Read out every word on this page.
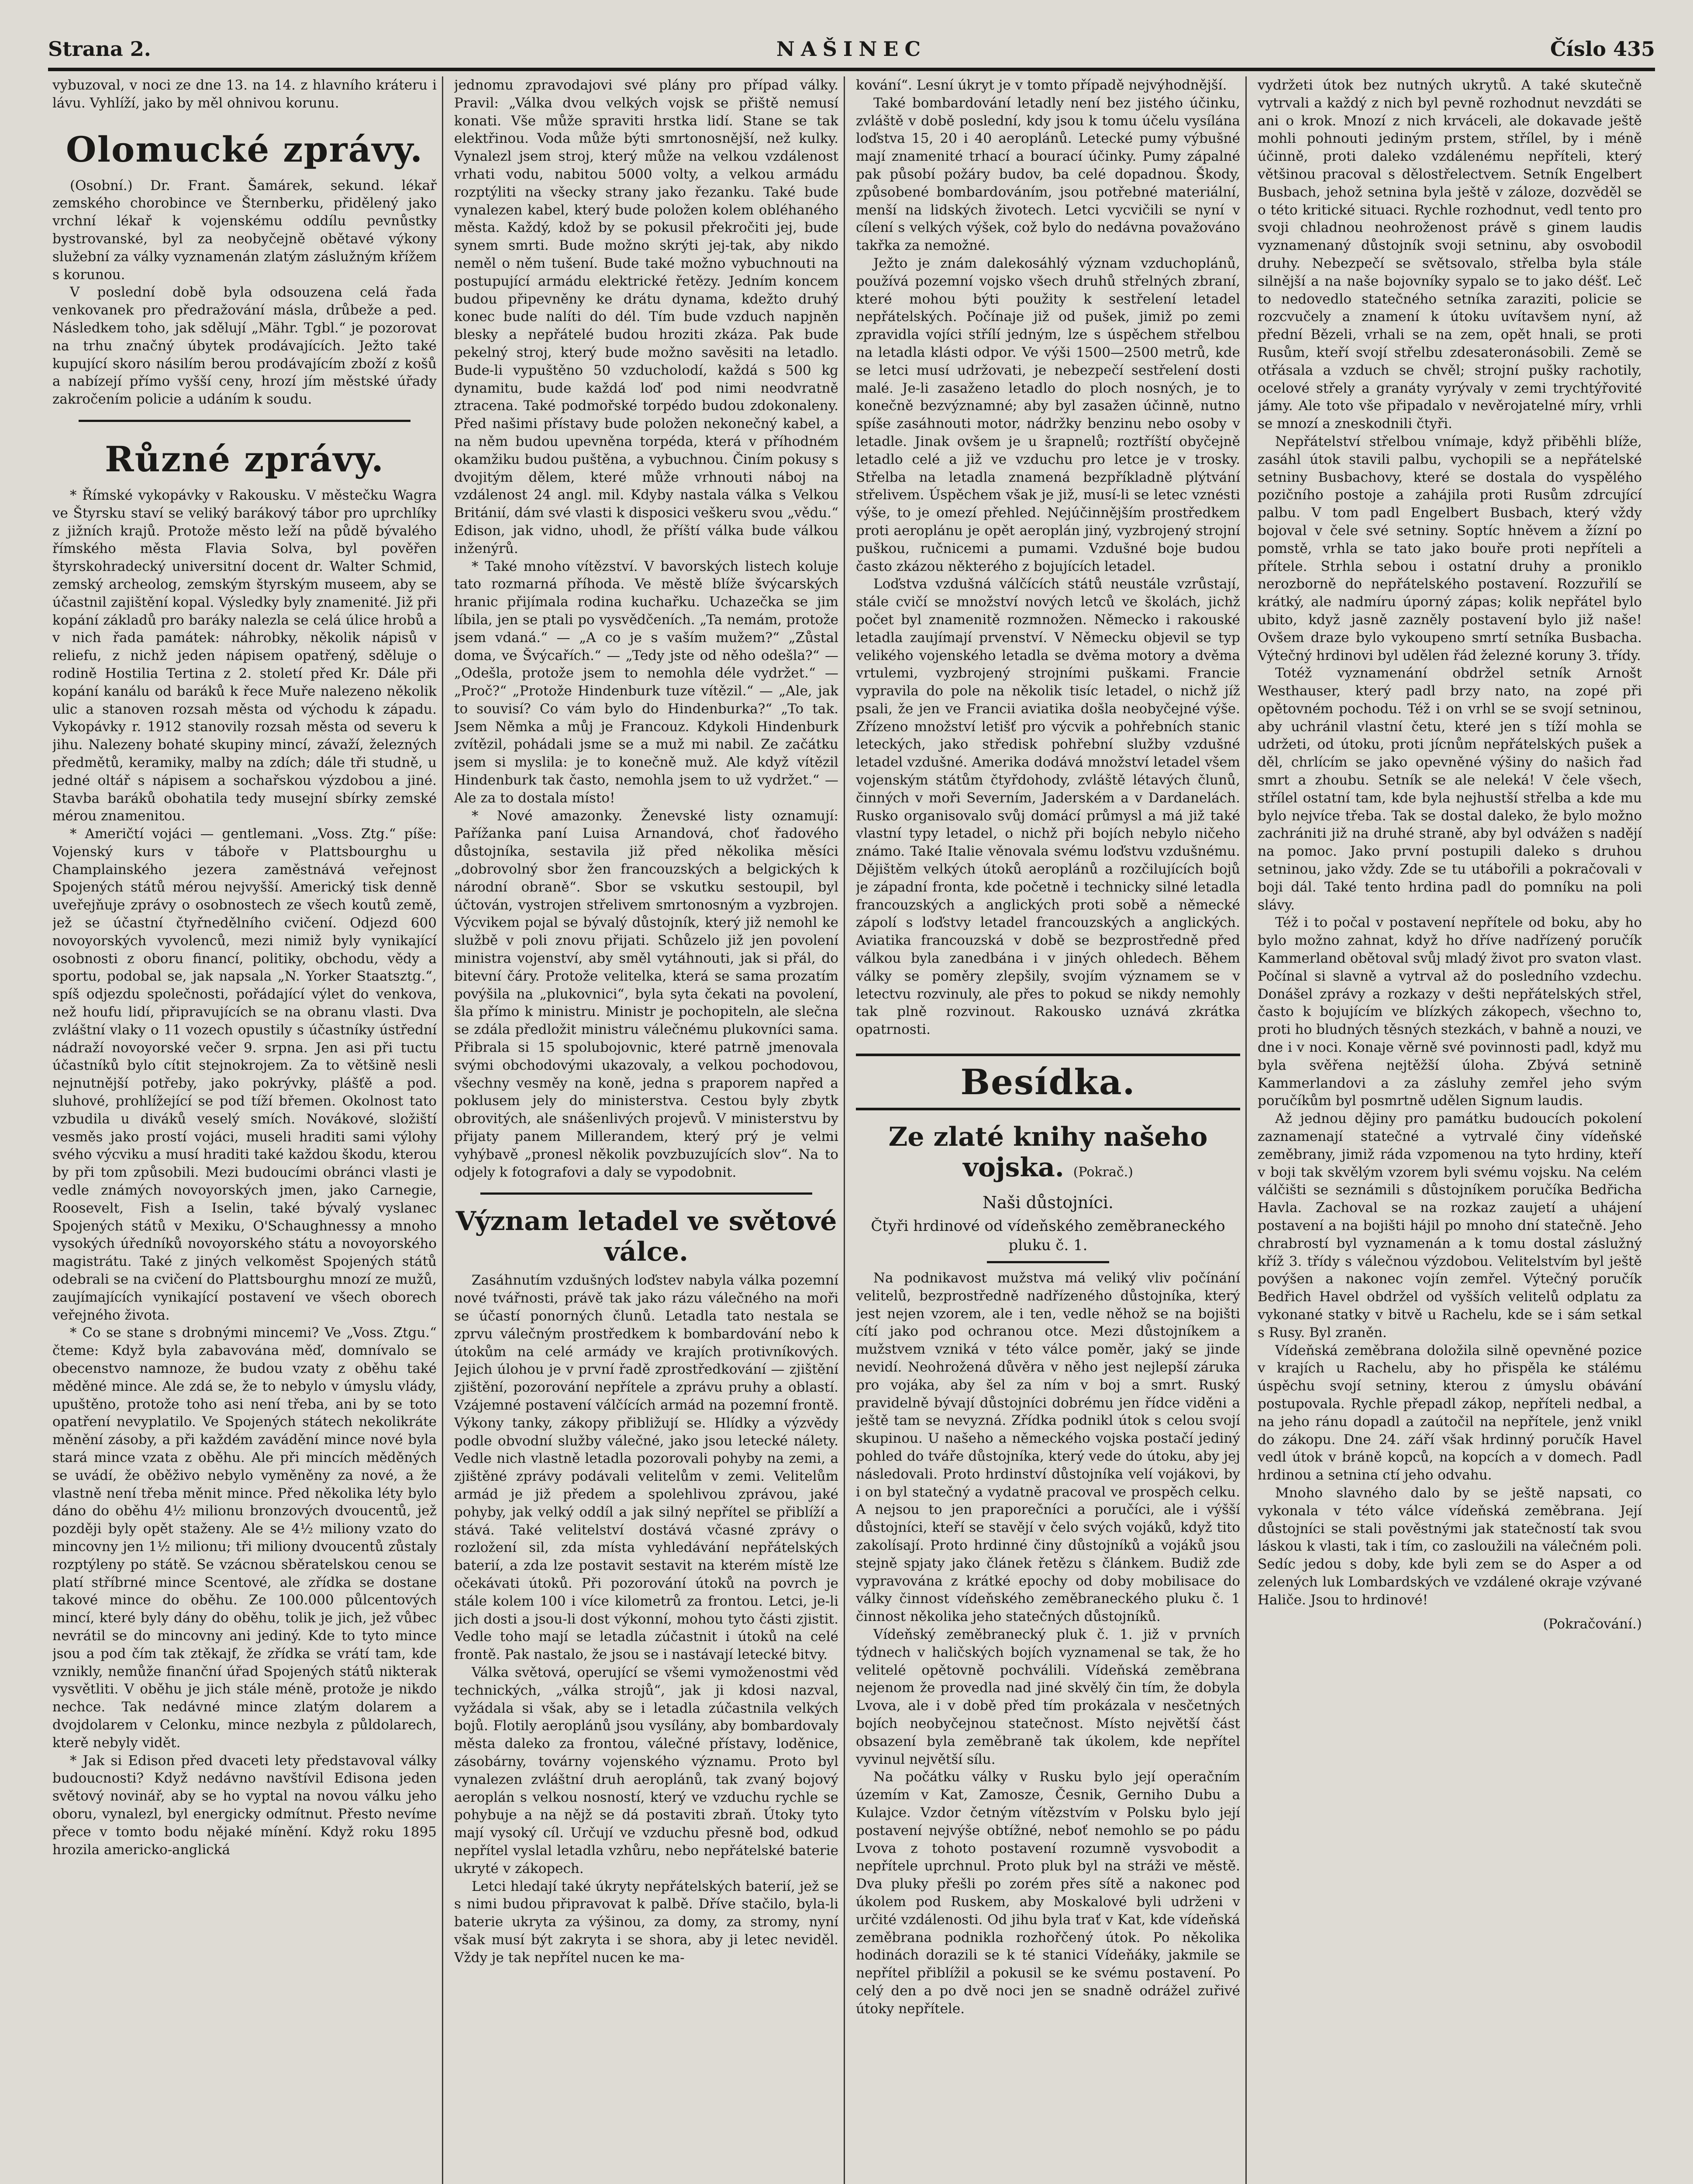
Strana 2.	NAŠINEC	Číslo 435

vybuzoval, v noci ze dne 13. na 14. z hlavního kráteru i lávu. Vyhlíží, jako by měl ohnivou korunu.

Olomucké zprávy.

(Osobní.) Dr. Frant. Šamárek, sekund. lékař zemského chorobince ve Šternberku, přidělený jako vrchní lékař k vojenskému oddílu pevnůstky bystrovanské, byl za neobyčejně obětavé výkony služební za války vyznamenán zlatým záslužným křížem s korunou.

V poslední době byla odsouzena celá řada venkovanek pro předražování másla, drůbeže a ped. Následkem toho, jak sdělují „Mähr. Tgbl.“ je pozorovat na trhu značný úbytek prodávajících. Ježto také kupující skoro násilím berou prodávajícím zboží z košů a nabízejí přímo vyšší ceny, hrozí jím městské úřady zakročením policie a udáním k soudu.

Různé zprávy.

* Římské vykopávky v Rakousku. V městečku Wagra ve Štyrsku staví se veliký barákový tábor pro uprchlíky z jižních krajů. Protože město leží na půdě bývalého římského města Flavia Solva, byl pověřen štyrskohradecký universitní docent dr. Walter Schmid, zemský archeolog, zemským štyrským museem, aby se účastnil zajištění kopal. Výsledky byly znamenité. Již při kopání základů pro baráky nalezla se celá úlice hrobů a v nich řada památek: náhrobky, několik nápisů v reliefu, z nichž jeden nápisem opatřený, sděluje o rodině Hostilia Tertina z 2. století před Kr. Dále při kopání kanálu od baráků k řece Muře nalezeno několik ulic a stanoven rozsah města od východu k západu. Vykopávky r. 1912 stanovily rozsah města od severu k jihu. Nalezeny bohaté skupiny mincí, závaží, železných předmětů, keramiky, malby na zdích; dále tři studně, u jedné oltář s nápisem a sochařskou výzdobou a jiné. Stavba baráků obohatila tedy musejní sbírky zemské mérou znamenitou.

* Američtí vojáci — gentlemani. „Voss. Ztg.“ píše: Vojenský kurs v táboře v Plattsbourghu u Champlainského jezera zaměstnává veřejnost Spojených států mérou nejvyšší. Americký tisk denně uveřejňuje zprávy o osobnostech ze všech koutů země, jež se účastní čtyřnedělního cvičení. Odjezd 600 novoyorských vyvolenců, mezi nimiž byly vynikající osobnosti z oboru financí, politiky, obchodu, vědy a sportu, podobal se, jak napsala „N. Yorker Staatsztg.“, spíš odjezdu společnosti, pořádající výlet do venkova, než houfu lidí, připravujících se na obranu vlasti. Dva zvláštní vlaky o 11 vozech opustily s účastníky ústřední nádraží novoyorské večer 9. srpna. Jen asi při tuctu účastníků bylo cítit stejnokrojem. Za to většině nesli nejnutnější potřeby, jako pokrývky, plášťě a pod. sluhové, prohlížející se pod tíží břemen. Okolnost tato vzbudila u diváků veselý smích. Novákové, složiští vesměs jako prostí vojáci, museli hraditi sami výlohy svého výcviku a musí hraditi také každou škodu, kterou by při tom způsobili. Mezi budoucími obránci vlasti je vedle známých novoyorských jmen, jako Carnegie, Roosevelt, Fish a Iselin, také bývalý vyslanec Spojených států v Mexiku, O'Schaughnessy a mnoho vysokých úředníků novoyorského státu a novoyorského magistrátu. Také z jiných velkoměst Spojených států odebrali se na cvičení do Plattsbourghu mnozí ze mužů, zaujímajících vynikající postavení ve všech oborech veřejného života.

* Co se stane s drobnými mincemi? Ve „Voss. Ztgu.“ čteme: Když byla zabavována měď, domnívalo se obecenstvo namnoze, že budou vzaty z oběhu také měděné mince. Ale zdá se, že to nebylo v úmyslu vlády, upuštěno, protože toho asi není třeba, ani by se toto opatření nevyplatilo. Ve Spojených státech nekolikráte měnění zásoby, a při každém zavádění mince nové byla stará mince vzata z oběhu. Ale při mincích měděných se uvádí, že oběživo nebylo vyměněny za nové, a že vlastně není třeba měnit mince. Před několika léty bylo dáno do oběhu 4½ milionu bronzových dvoucentů, jež později byly opět staženy. Ale se 4½ miliony vzato do mincovny jen 1½ milionu; tři miliony dvoucentů zůstaly rozptýleny po státě. Se vzácnou sběratelskou cenou se platí stříbrné mince Scentové, ale zřídka se dostane takové mince do oběhu. Ze 100.000 půlcentových mincí, které byly dány do oběhu, tolik je jich, jež vůbec nevrátil se do mincovny ani jediný. Kde to tyto mince jsou a pod čím tak ztěkajf, že zřídka se vrátí tam, kde vznikly, nemůže finanční úřad Spojených států nikterak vysvětliti. V oběhu je jich stále méně, protože je nikdo nechce. Tak nedávné mince zlatým dolarem a dvojdolarem v Celonku, mince nezbyla z půldolarech, kterě nebyly vidět.

* Jak si Edison před dvaceti lety představoval války budoucnosti? Když nedávno navštívil Edisona jeden světový novinář, aby se ho vyptal na novou válku jeho oboru, vynalezl, byl energicky odmítnut. Přesto nevíme přece v tomto bodu nějaké mínění. Když roku 1895 hrozila americko-anglická

jednomu zpravodajovi své plány pro případ války. Pravil: „Válka dvou velkých vojsk se přiště nemusí konati. Vše může spraviti hrstka lidí. Stane se tak elektřinou. Voda může býti smrtonosnější, než kulky. Vynalezl jsem stroj, který může na velkou vzdálenost vrhati vodu, nabitou 5000 volty, a velkou armádu rozptýliti na všecky strany jako řezanku. Také bude vynalezen kabel, který bude položen kolem obléhaného města. Každý, kdož by se pokusil překročiti jej, bude synem smrti. Bude možno skrýti jej-tak, aby nikdo neměl o něm tušení. Bude také možno vybuchnouti na postupující armádu elektrické řetězy. Jedním koncem budou připevněny ke drátu dynama, kdežto druhý konec bude nalíti do dél. Tím bude vzduch napjněn blesky a nepřátelé budou hroziti zkáza. Pak bude pekelný stroj, který bude možno savěsiti na letadlo. Bude-li vypuštěno 50 vzducholodí, každá s 500 kg dynamitu, bude každá loď pod nimi neodvratně ztracena. Také podmořské torpédo budou zdokonaleny. Před našimi přístavy bude položen nekonečný kabel, a na něm budou upevněna torpéda, která v příhodném okamžiku budou puštěna, a vybuchnou. Činím pokusy s dvojitým dělem, které může vrhnouti náboj na vzdálenost 24 angl. mil. Kdyby nastala válka s Velkou Británií, dám své vlasti k disposici veškeru svou „vědu.“ Edison, jak vidno, uhodl, že příští válka bude válkou inženýrů.

* Také mnoho vítězství. V bavorských listech koluje tato rozmarná příhoda. Ve městě blíže švýcarských hranic přijímala rodina kuchařku. Uchazečka se jim líbila, jen se ptali po vysvědčeních. „Ta nemám, protože jsem vdaná.“ — „A co je s vaším mužem?“ „Zůstal doma, ve Švýcařích.“ — „Tedy jste od něho odešla?“ — „Odešla, protože jsem to nemohla déle vydržet.“ — „Proč?“ „Protože Hindenburk tuze vítězil.“ — „Ale, jak to souvisí? Co vám bylo do Hindenburka?“ „To tak. Jsem Němka a můj je Francouz. Kdykoli Hindenburk zvítězil, pohádali jsme se a muž mi nabil. Ze začátku jsem si myslila: je to konečně muž. Ale když vítězil Hindenburk tak často, nemohla jsem to už vydržet.“ — Ale za to dostala místo!

* Nové amazonky. Ženevské listy oznamují: Pařížanka paní Luisa Arnandová, choť řadového důstojníka, sestavila již před několika měsíci „dobrovolný sbor žen francouzských a belgických k národní obraně“. Sbor se vskutku sestoupil, byl účtován, vystrojen střelivem smrtonosným a vyzbrojen. Výcvikem pojal se bývalý důstojník, který již nemohl ke službě v poli znovu přijati. Schůzelo již jen povolení ministra vojenství, aby směl vytáhnouti, jak si přál, do bitevní čáry. Protože velitelka, která se sama prozatím povýšila na „plukovnici“, byla syta čekati na povolení, šla přímo k ministru. Ministr je pochopiteln, ale slečna se zdála předložit ministru válečnému plukovníci sama. Přibrala si 15 spolubojovnic, které patrně jmenovala svými obchodovými ukazovaly, a velkou pochodovou, všechny vesměy na koně, jedna s praporem napřed a poklusem jely do ministerstva. Cestou byly zbytk obrovitých, ale snášenlivých projevů. V ministerstvu by přijaty panem Millerandem, který prý je velmi vyhýbavě „pronesl několik povzbuzujících slov“. Na to odjely k fotografovi a daly se vypodobnit.

Význam letadel ve světové válce.

Zasáhnutím vzdušných loďstev nabyla válka pozemní nové tvářnosti, právě tak jako rázu válečného na moři se účastí ponorných člunů. Letadla tato nestala se zprvu válečným prostředkem k bombardování nebo k útokům na celé armády ve krajích protivníkových. Jejich úlohou je v první řadě zprostředkování — zjištění zjištění, pozorování nepřítele a zprávu pruhy a oblastí. Vzájemné postavení válčících armád na pozemní frontě. Výkony tanky, zákopy přibližují se. Hlídky a výzvědy podle obvodní služby válečné, jako jsou letecké nálety. Vedle nich vlastně letadla pozorovali pohyby na zemi, a zjištěné zprávy podávali velitelům v zemi. Velitelům armád je již předem a spolehlivou zprávou, jaké pohyby, jak velký oddíl a jak silný nepřítel se přiblíží a stává. Také velitelství dostává včasné zprávy o rozložení sil, zda místa vyhledávání nepřátelských baterií, a zda lze postavit sestavit na kterém místě lze očekávati útoků. Při pozorování útoků na povrch je stále kolem 100 i více kilometrů za frontou. Letci, je-li jich dosti a jsou-li dost výkonní, mohou tyto části zjistit. Vedle toho mají se letadla zúčastnit i útoků na celé frontě. Pak nastalo, že jsou se i nastávají letecké bitvy.

Válka světová, operující se všemi vymoženostmi věd technických, „válka strojů“, jak ji kdosi nazval, vyžádala si však, aby se i letadla zúčastnila velkých bojů. Flotily aeroplánů jsou vysílány, aby bombardovaly města daleko za frontou, válečné přístavy, loděnice, zásobárny, továrny vojenského významu. Proto byl vynalezen zvláštní druh aeroplánů, tak zvaný bojový aeroplán s velkou nosností, který ve vzduchu rychle se pohybuje a na nějž se dá postaviti zbraň. Útoky tyto mají vysoký cíl. Určují ve vzduchu přesně bod, odkud nepřítel vyslal letadla vzhůru, nebo nepřátelské baterie ukryté v zákopech.

Letci hledají také úkryty nepřátelských baterií, jež se s nimi budou připravovat k palbě. Dříve stačilo, byla-li baterie ukryta za výšinou, za domy, za stromy, nyní však musí být zakryta i se shora, aby ji letec neviděl. Vždy je tak nepřítel nucen ke ma-

kování“. Lesní úkryt je v tomto případě nejvýhodnější.

Také bombardování letadly není bez jistého účinku, zvláště v době poslední, kdy jsou k tomu účelu vysílána loďstva 15, 20 i 40 aeroplánů. Letecké pumy výbušné mají znamenité trhací a bourací účinky. Pumy zápalné pak působí požáry budov, ba celé dopadnou. Škody, způsobené bombardováním, jsou potřebné materiální, menší na lidských životech. Letci vycvičili se nyní v cílení s velkých výšek, což bylo do nedávna považováno takřka za nemožné.

Ježto je znám dalekosáhlý význam vzduchoplánů, používá pozemní vojsko všech druhů střelných zbraní, které mohou býti použity k sestřelení letadel nepřátelských. Počínaje již od pušek, jimiž po zemi zpravidla vojíci střílí jedným, lze s úspěchem střelbou na letadla klásti odpor. Ve výši 1500—2500 metrů, kde se letci musí udržovati, je nebezpečí sestřelení dosti malé. Je-li zasaženo letadlo do ploch nosných, je to konečně bezvýznamné; aby byl zasažen účinně, nutno spíše zasáhnouti motor, nádržky benzinu nebo osoby v letadle. Jinak ovšem je u šrapnelů; roztříští obyčejně letadlo celé a již ve vzduchu pro letce je v trosky. Střelba na letadla znamená bezpříkladně plýtvání střelivem. Úspěchem však je již, musí-li se letec vznésti výše, to je omezí přehled. Nejúčinnějším prostředkem proti aeroplánu je opět aeroplán jiný, vyzbrojený strojní puškou, ručnicemi a pumami. Vzdušné boje budou často zkázou některého z bojujících letadel.

Loďstva vzdušná válčících států neustále vzrůstají, stále cvičí se množství nových letců ve školách, jichž počet byl znamenitě rozmnožen. Německo i rakouské letadla zaujímají prvenství. V Německu objevil se typ velikého vojenského letadla se dvěma motory a dvěma vrtulemi, vyzbrojený strojními puškami. Francie vypravila do pole na několik tisíc letadel, o nichž jíž psali, že jen ve Francii aviatika došla neobyčejné výše. Zřízeno množství letišť pro výcvik a pohřebních stanic leteckých, jako středisk pohřební služby vzdušné letadel vzdušné. Amerika dodává množství letadel všem vojenským státům čtyřdohody, zvláště létavých člunů, činných v moři Severním, Jaderském a v Dardanelách. Rusko organisovalo svůj domácí průmysl a má již také vlastní typy letadel, o nichž při bojích nebylo ničeho známo. Také Italie věnovala svému loďstvu vzdušnému. Dějištěm velkých útoků aeroplánů a rozčilujících bojů je západní fronta, kde početně i technicky silné letadla francouzských a anglických proti sobě a německé zápolí s loďstvy letadel francouzských a anglických. Aviatika francouzská v době se bezprostředně před válkou byla zanedbána i v jiných ohledech. Během války se poměry zlepšily, svojím významem se v letectvu rozvinuly, ale přes to pokud se nikdy nemohly tak plně rozvinout. Rakousko uznává zkrátka opatrnosti.

Besídka.
Ze zlaté knihy našeho vojska. (Pokrač.)

Naši důstojníci.

Čtyři hrdinové od vídeňského zeměbraneckého pluku č. 1.

Na podnikavost mužstva má veliký vliv počínání velitelů, bezprostředně nadřízeného důstojníka, který jest nejen vzorem, ale i ten, vedle něhož se na bojišti cítí jako pod ochranou otce. Mezi důstojníkem a mužstvem vzniká v této válce poměr, jaký se jinde nevidí. Neohrožená důvěra v něho jest nejlepší záruka pro vojáka, aby šel za ním v boj a smrt. Ruský pravidelně bývají důstojníci dobrému jen řídce viděni a ještě tam se nevyzná. Zřídka podnikl útok s celou svojí skupinou. U našeho a německého vojska postačí jediný pohled do tváře důstojníka, který vede do útoku, aby jej následovali. Proto hrdinství důstojníka velí vojákovi, by i on byl statečný a vydatně pracoval ve prospěch celku. A nejsou to jen praporečníci a poručíci, ale i výšší důstojníci, kteří se stavějí v čelo svých vojáků, když tito zakolísají. Proto hrdinné činy důstojníků a vojáků jsou stejně spjaty jako článek řetězu s článkem. Budiž zde vypravována z krátké epochy od doby mobilisace do války činnost vídeňského zeměbraneckého pluku č. 1 činnost několika jeho statečných důstojníků.

Vídeňský zeměbranecký pluk č. 1. již v prvních týdnech v haličských bojích vyznamenal se tak, že ho velitelé opětovně pochválili. Vídeňská zeměbrana nejenom že provedla nad jiné skvělý čin tím, že dobyla Lvova, ale i v době před tím prokázala v nesčetných bojích neobyčejnou statečnost. Místo největší část obsazení byla zeměbraně tak úkolem, kde nepřítel vyvinul největší sílu.

Na počátku války v Rusku bylo její operačním územím v Kat, Zamosze, Česnik, Gerniho Dubu a Kulajce. Vzdor četným vítězstvím v Polsku bylo její postavení nejvýše obtížné, neboť nemohlo se po pádu Lvova z tohoto postavení rozumně vysvobodit a nepřítele uprchnul. Proto pluk byl na stráži ve městě. Dva pluky přešli po zorém přes sítě a nakonec pod úkolem pod Ruskem, aby Moskalové byli udrženi v určité vzdálenosti. Od jihu byla trať v Kat, kde vídeňská zeměbrana podnikla rozhořčený útok. Po několika hodinách dorazili se k té stanici Vídeňáky, jakmile se nepřítel přiblížil a pokusil se ke svému postavení. Po celý den a po dvě noci jen se snadně odrážel zuřivé útoky nepřítele.

vydržeti útok bez nutných ukrytů. A také skutečně vytrvali a každý z nich byl pevně rozhodnut nevzdáti se ani o krok. Mnozí z nich krváceli, ale dokavade ještě mohli pohnouti jediným prstem, střílel, by i méně účinně, proti daleko vzdálenému nepříteli, který většinou pracoval s dělostřelectvem. Setník Engelbert Busbach, jehož setnina byla ještě v záloze, dozvěděl se o této kritické situaci. Rychle rozhodnut, vedl tento pro svoji chladnou neohroženost právě s ginem laudis vyznamenaný důstojník svoji setninu, aby osvobodil druhy. Nebezpečí se světsovalo, střelba byla stále silnější a na naše bojovníky sypalo se to jako déšť. Leč to nedovedlo statečného setníka zaraziti, policie se rozcvučely a znamení k útoku uvítavšem nyní, až přední Bězeli, vrhali se na zem, opět hnali, se proti Rusům, kteří svojí střelbu zdesateronásobili. Země se otřásala a vzduch se chvěl; strojní pušky rachotily, ocelové střely a granáty vyrývaly v zemi trychtýřovité jámy. Ale toto vše připadalo v nevěrojatelné míry, vrhli se mnozí a zneskodnili čtyři.

Nepřátelství střelbou vnímaje, když přiběhli blíže, zasáhl útok stavili palbu, vychopili se a nepřátelské setniny Busbachovy, které se dostala do vyspělého pozičního postoje a zahájila proti Rusům zdrcující palbu. V tom padl Engelbert Busbach, který vždy bojoval v čele své setniny. Soptíc hněvem a žízní po pomstě, vrhla se tato jako bouře proti nepříteli a přítele. Strhla sebou i ostatní druhy a proniklo nerozborně do nepřátelského postavení. Rozzuřilí se krátký, ale nadmíru úporný zápas; kolik nepřátel bylo ubito, když jasně zazněly postavení bylo již naše! Ovšem draze bylo vykoupeno smrtí setníka Busbacha. Výtečný hrdinovi byl udělen řád železné koruny 3. třídy.

Totéž vyznamenání obdržel setník Arnošt Westhauser, který padl brzy nato, na zopé při opětovném pochodu. Též i on vrhl se se svojí setninou, aby uchránil vlastní četu, které jen s tíží mohla se udržeti, od útoku, proti jícnům nepřátelských pušek a děl, chrlícím se jako opevněné výšiny do našich řad smrt a zhoubu. Setník se ale neleká! V čele všech, střílel ostatní tam, kde byla nejhustší střelba a kde mu bylo nejvíce třeba. Tak se dostal daleko, že bylo možno zachrániti již na druhé straně, aby byl odvážen s nadějí na pomoc. Jako první postupili daleko s druhou setninou, jako vždy. Zde se tu utábořili a pokračovali v boji dál. Také tento hrdina padl do pomníku na poli slávy.

Též i to počal v postavení nepřítele od boku, aby ho bylo možno zahnat, když ho dříve nadřízený poručík Kammerland obětoval svůj mladý život pro svaton vlast. Počínal si slavně a vytrval až do posledního vzdechu. Donášel zprávy a rozkazy v dešti nepřátelských střel, často k bojujícím ve blízkých zákopech, všechno to, proti ho bludných těsných stezkách, v bahně a nouzi, ve dne i v noci. Konaje věrně své povinnosti padl, když mu byla svěřena nejtěžší úloha. Zbývá setnině Kammerlandovi a za zásluhy zemřel jeho svým poručíkům byl posmrtně udělen Signum laudis.

Až jednou dějiny pro památku budoucích pokolení zaznamenají statečné a vytrvalé činy vídeňské zeměbrany, jimiž ráda vzpomenou na tyto hrdiny, kteří v boji tak skvělým vzorem byli svému vojsku. Na celém válčišti se seznámili s důstojníkem poručíka Bedřicha Havla. Zachoval se na rozkaz zaujetí a uhájení postavení a na bojišti hájil po mnoho dní statečně. Jeho chrabrostí byl vyznamenán a k tomu dostal záslužný kříž 3. třídy s válečnou výzdobou. Velitelstvím byl ještě povýšen a nakonec vojín zemřel. Výtečný poručík Bedřich Havel obdržel od vyšších velitelů odplatu za vykonané statky v bitvě u Rachelu, kde se i sám setkal s Rusy. Byl zraněn.

Vídeňská zeměbrana doložila silně opevněné pozice v krajích u Rachelu, aby ho přispěla ke stálému úspěchu svojí setniny, kterou z úmyslu obávání postupovala. Rychle přepadl zákop, nepříteli nedbal, a na jeho ránu dopadl a zaútočil na nepřítele, jenž vnikl do zákopu. Dne 24. září však hrdinný poručík Havel vedl útok v bráně kopců, na kopcích a v domech. Padl hrdinou a setnina ctí jeho odvahu.

Mnoho slavného dalo by se ještě napsati, co vykonala v této válce vídeňská zeměbrana. Její důstojníci se stali pověstnými jak statečností tak svou láskou k vlasti, tak i tím, co zasloužili na válečném poli. Sedíc jedou s doby, kde byli zem se do Asper a od zelených luk Lombardských ve vzdálené okraje vzývané Haliče. Jsou to hrdinové!

(Pokračování.)
